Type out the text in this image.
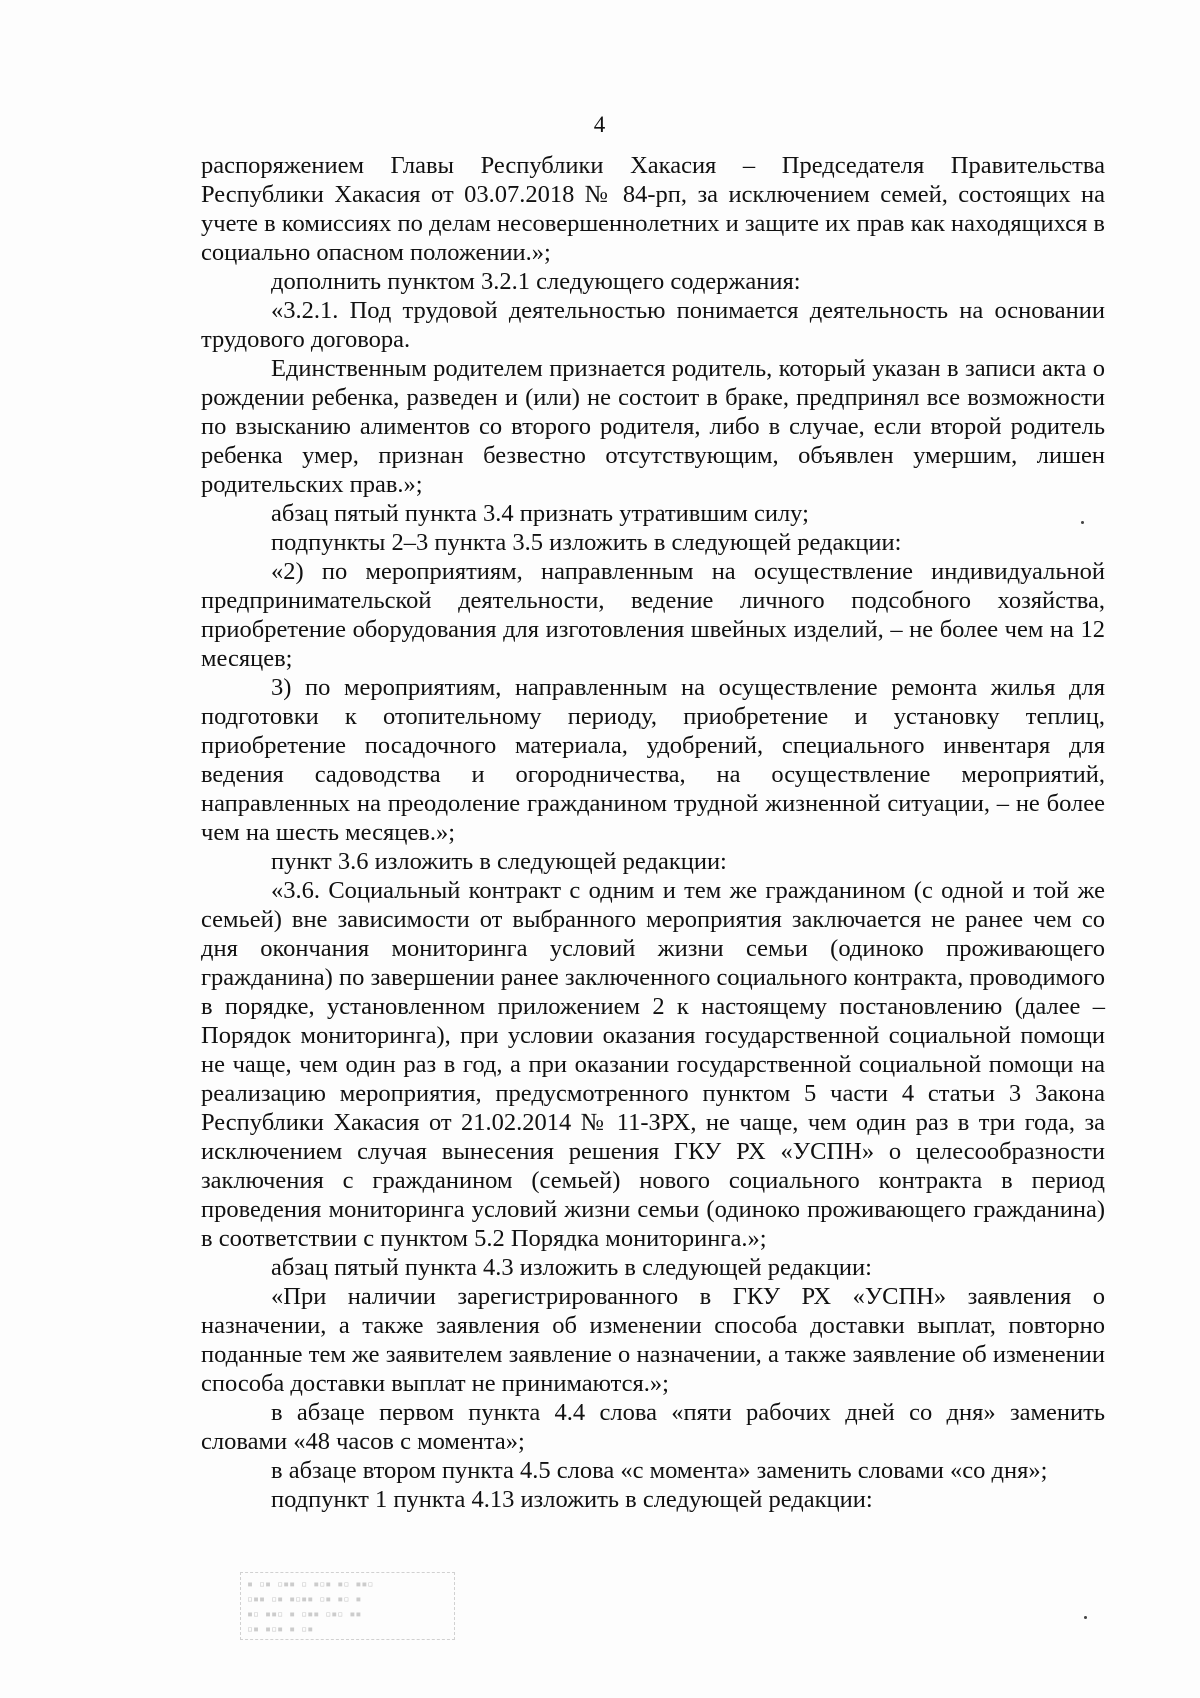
4

распоряжением Главы Республики Хакасия – Председателя Правительства Республики Хакасия от 03.07.2018 № 84-рп, за исключением семей, состоящих на учете в комиссиях по делам несовершеннолетних и защите их прав как находящихся в социально опасном положении.»;

дополнить пунктом 3.2.1 следующего содержания:

«3.2.1. Под трудовой деятельностью понимается деятельность на основании трудового договора.

Единственным родителем признается родитель, который указан в записи акта о рождении ребенка, разведен и (или) не состоит в браке, предпринял все возможности по взысканию алиментов со второго родителя, либо в случае, если второй родитель ребенка умер, признан безвестно отсутствующим, объявлен умершим, лишен родительских прав.»;

абзац пятый пункта 3.4 признать утратившим силу;

подпункты 2–3 пункта 3.5 изложить в следующей редакции:

«2) по мероприятиям, направленным на осуществление индивидуальной предпринимательской деятельности, ведение личного подсобного хозяйства, приобретение оборудования для изготовления швейных изделий, – не более чем на 12 месяцев;

3) по мероприятиям, направленным на осуществление ремонта жилья для подготовки к отопительному периоду, приобретение и установку теплиц, приобретение посадочного материала, удобрений, специального инвентаря для ведения садоводства и огородничества, на осуществление мероприятий, направленных на преодоление гражданином трудной жизненной ситуации, – не более чем на шесть месяцев.»;

пункт 3.6 изложить в следующей редакции:

«3.6. Социальный контракт с одним и тем же гражданином (с одной и той же семьей) вне зависимости от выбранного мероприятия заключается не ранее чем со дня окончания мониторинга условий жизни семьи (одиноко проживающего гражданина) по завершении ранее заключенного социального контракта, проводимого в порядке, установленном приложением 2 к настоящему постановлению (далее – Порядок мониторинга), при условии оказания государственной социальной помощи не чаще, чем один раз в год, а при оказании государственной социальной помощи на реализацию мероприятия, предусмотренного пунктом 5 части 4 статьи 3 Закона Республики Хакасия от 21.02.2014 № 11-ЗРХ, не чаще, чем один раз в три года, за исключением случая вынесения решения ГКУ РХ «УСПН» о целесообразности заключения с гражданином (семьей) нового социального контракта в период проведения мониторинга условий жизни семьи (одиноко проживающего гражданина) в соответствии с пунктом 5.2 Порядка мониторинга.»;

абзац пятый пункта 4.3 изложить в следующей редакции:

«При наличии зарегистрированного в ГКУ РХ «УСПН» заявления о назначении, а также заявления об изменении способа доставки выплат, повторно поданные тем же заявителем заявление о назначении, а также заявление об изменении способа доставки выплат не принимаются.»;

в абзаце первом пункта 4.4 слова «пяти рабочих дней со дня» заменить словами «48 часов с момента»;

в абзаце втором пункта 4.5 слова «с момента» заменить словами «со дня»;

подпункт 1 пункта 4.13 изложить в следующей редакции:

▪ ▫▪ ▫▪▪ ▫ ▪▫▪ ▪▫ ▪▪▫
▫▪▪ ▫▪ ▪▫▪▪ ▫▪ ▪▫ ▪
▪▫ ▪▪▫ ▪ ▫▪▪ ▫▪▫ ▪▪
▫▪ ▪▫▪ ▪ ▫▪
